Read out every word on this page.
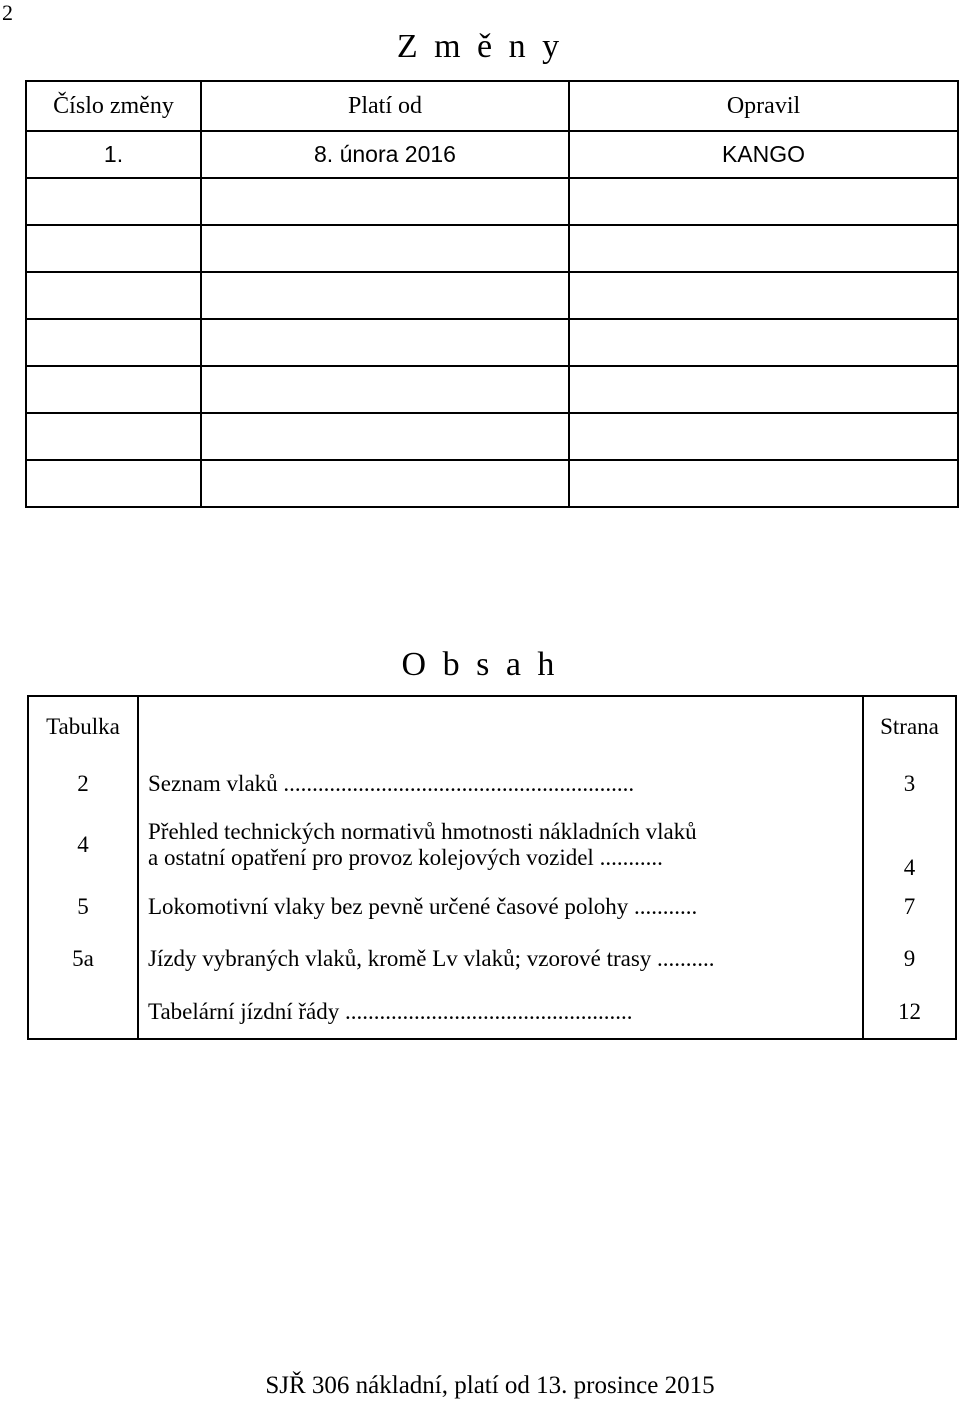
2
Z m ě n y
Číslo změny	Platí od	Opravil
1.	8. února 2016	KANGO

O b s a h
Tabulka		Strana
2	Seznam vlaků .............................................................	3
4	Přehled technických normativů hmotnosti nákladních vlaků
a ostatní opatření pro provoz kolejových vozidel ...........	4
5	Lokomotivní vlaky bez pevně určené časové polohy ...........	7
5a	Jízdy vybraných vlaků, kromě Lv vlaků; vzorové trasy ..........	9
	Tabelární jízdní řády ..................................................	12
SJŘ 306 nákladní, platí od 13. prosince 2015
